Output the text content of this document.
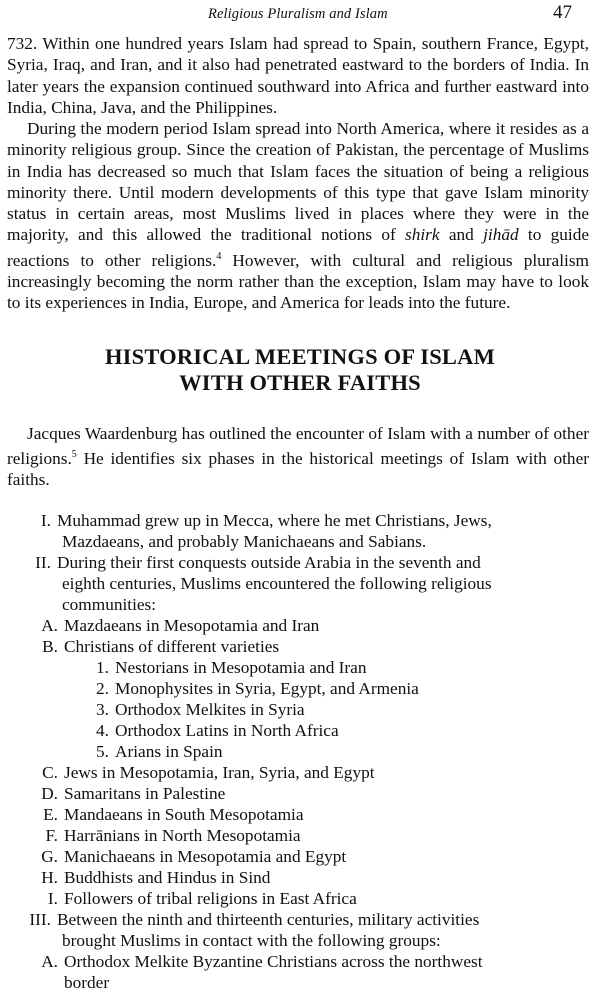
Religious Pluralism and Islam	47

732. Within one hundred years Islam had spread to Spain, southern France, Egypt, Syria, Iraq, and Iran, and it also had penetrated eastward to the borders of India. In later years the expansion continued southward into Africa and further eastward into India, China, Java, and the Philippines.

During the modern period Islam spread into North America, where it resides as a minority religious group. Since the creation of Pakistan, the percentage of Muslims in India has decreased so much that Islam faces the situation of being a religious minority there. Until modern developments of this type that gave Islam minority status in certain areas, most Muslims lived in places where they were in the majority, and this allowed the traditional notions of shirk and jihād to guide reactions to other religions.$^4$ However, with cultural and religious pluralism increasingly becoming the norm rather than the exception, Islam may have to look to its experiences in India, Europe, and America for leads into the future.

HISTORICAL MEETINGS OF ISLAM
WITH OTHER FAITHS

Jacques Waardenburg has outlined the encounter of Islam with a number of other religions.$^5$ He identifies six phases in the historical meetings of Islam with other faiths.

I. Muhammad grew up in Mecca, where he met Christians, Jews,
Mazdaeans, and probably Manichaeans and Sabians.
II. During their first conquests outside Arabia in the seventh and
eighth centuries, Muslims encountered the following religious
communities:
A. Mazdaeans in Mesopotamia and Iran
B. Christians of different varieties
1. Nestorians in Mesopotamia and Iran
2. Monophysites in Syria, Egypt, and Armenia
3. Orthodox Melkites in Syria
4. Orthodox Latins in North Africa
5. Arians in Spain
C. Jews in Mesopotamia, Iran, Syria, and Egypt
D. Samaritans in Palestine
E. Mandaeans in South Mesopotamia
F. Harrānians in North Mesopotamia
G. Manichaeans in Mesopotamia and Egypt
H. Buddhists and Hindus in Sind
I. Followers of tribal religions in East Africa
III. Between the ninth and thirteenth centuries, military activities
brought Muslims in contact with the following groups:
A. Orthodox Melkite Byzantine Christians across the northwest
border
